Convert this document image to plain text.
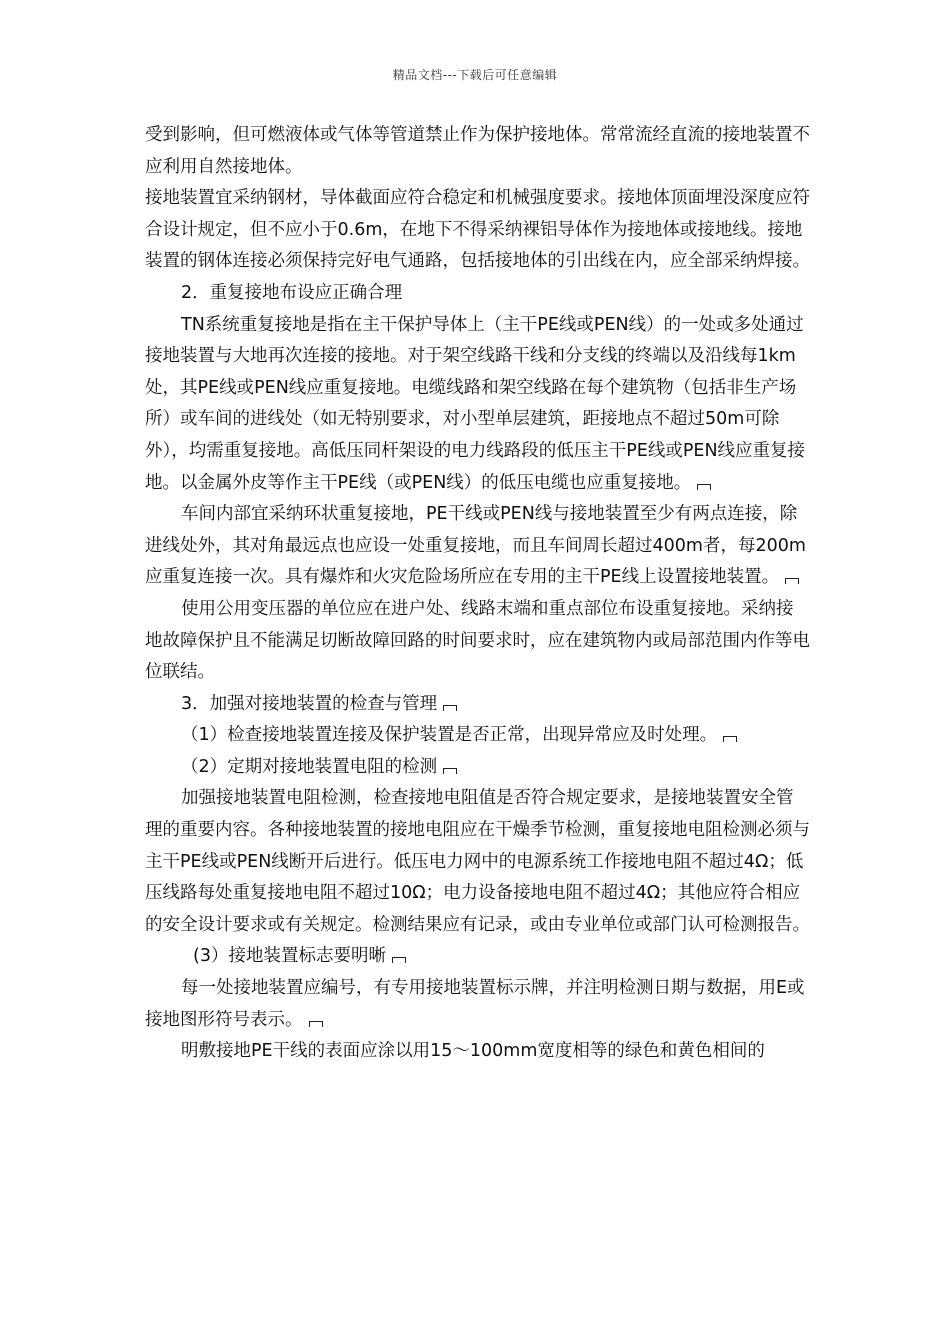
精品文档---下载后可任意编辑

受到影响，但可燃液体或气体等管道禁止作为保护接地体。常常流经直流的接地装置不应利用自然接地体。

接地装置宜采纳钢材，导体截面应符合稳定和机械强度要求。接地体顶面埋没深度应符合设计规定，但不应小于0.6m，在地下不得采纳裸铝导体作为接地体或接地线。接地装置的钢体连接必须保持完好电气通路，包括接地体的引出线在内，应全部采纳焊接。

2．重复接地布设应正确合理

TN系统重复接地是指在主干保护导体上（主干PE线或PEN线）的一处或多处通过接地装置与大地再次连接的接地。对于架空线路干线和分支线的终端以及沿线每1km处，其PE线或PEN线应重复接地。电缆线路和架空线路在每个建筑物（包括非生产场所）或车间的进线处（如无特别要求，对小型单层建筑，距接地点不超过50m可除外），均需重复接地。高低压同杆架设的电力线路段的低压主干PE线或PEN线应重复接地。以金属外皮等作主干PE线（或PEN线）的低压电缆也应重复接地。

车间内部宜采纳环状重复接地，PE干线或PEN线与接地装置至少有两点连接，除进线处外，其对角最远点也应设一处重复接地，而且车间周长超过400m者，每200m应重复连接一次。具有爆炸和火灾危险场所应在专用的主干PE线上设置接地装置。

使用公用变压器的单位应在进户处、线路末端和重点部位布设重复接地。采纳接地故障保护且不能满足切断故障回路的时间要求时，应在建筑物内或局部范围内作等电位联结。

3．加强对接地装置的检查与管理

（1）检查接地装置连接及保护装置是否正常，出现异常应及时处理。

（2）定期对接地装置电阻的检测

加强接地装置电阻检测，检查接地电阻值是否符合规定要求，是接地装置安全管理的重要内容。各种接地装置的接地电阻应在干燥季节检测，重复接地电阻检测必须与主干PE线或PEN线断开后进行。低压电力网中的电源系统工作接地电阻不超过4Ω；低压线路每处重复接地电阻不超过10Ω；电力设备接地电阻不超过4Ω；其他应符合相应的安全设计要求或有关规定。检测结果应有记录，或由专业单位或部门认可检测报告。

(3）接地装置标志要明晰

每一处接地装置应编号，有专用接地装置标示牌，并注明检测日期与数据，用E或接地图形符号表示。

明敷接地PE干线的表面应涂以用15～100mm宽度相等的绿色和黄色相间的
